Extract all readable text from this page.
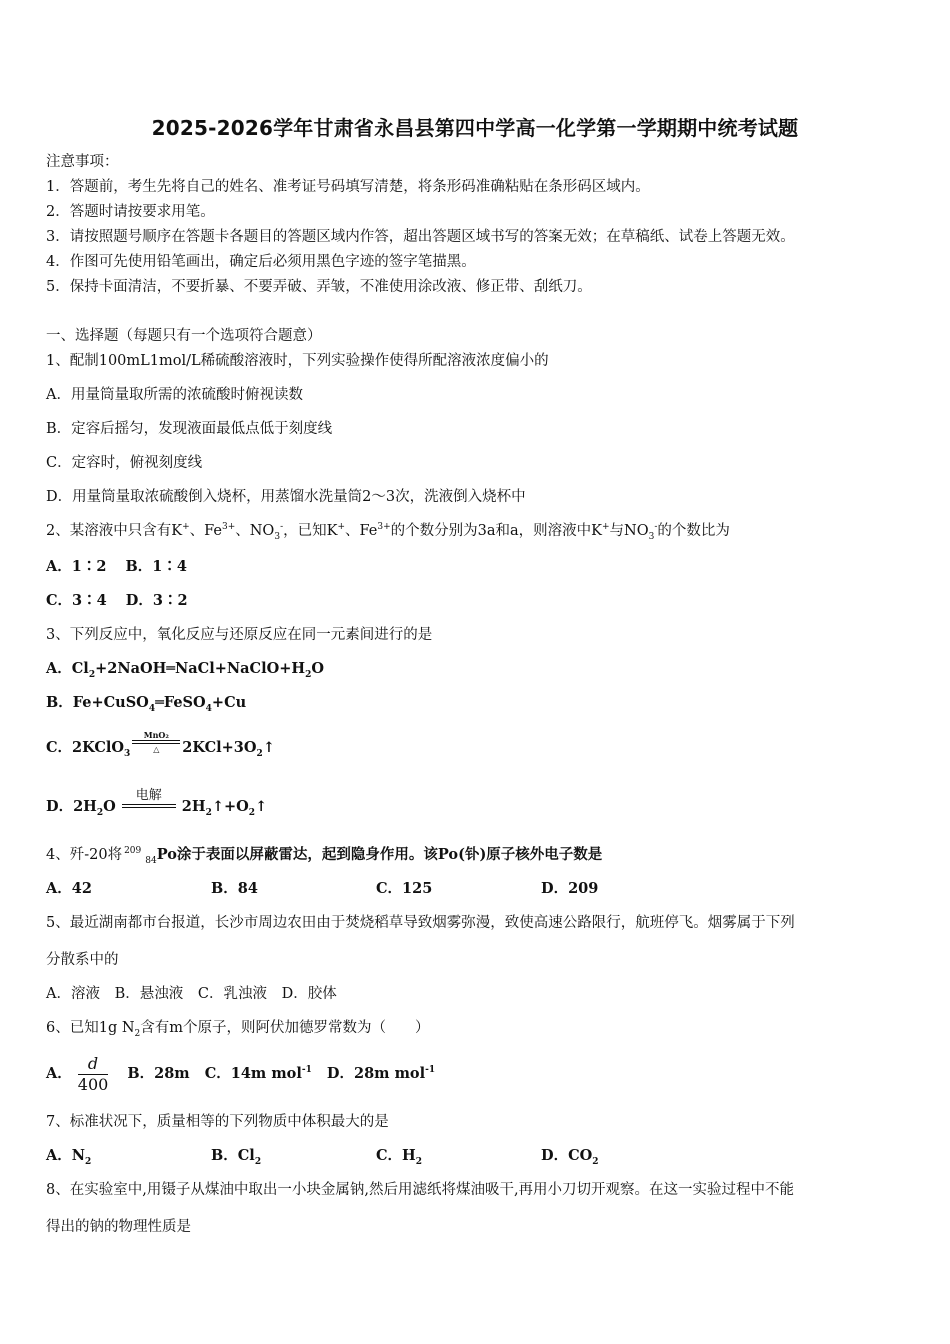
2025-2026学年甘肃省永昌县第四中学高一化学第一学期期中统考试题
注意事项：
1．答题前，考生先将自己的姓名、准考证号码填写清楚，将条形码准确粘贴在条形码区域内。
2．答题时请按要求用笔。
3．请按照题号顺序在答题卡各题目的答题区域内作答，超出答题区域书写的答案无效；在草稿纸、试卷上答题无效。
4．作图可先使用铅笔画出，确定后必须用黑色字迹的签字笔描黑。
5．保持卡面清洁，不要折暴、不要弄破、弄皱，不准使用涂改液、修正带、刮纸刀。
一、选择题（每题只有一个选项符合题意）
1、配制100mL1mol/L稀硫酸溶液时，下列实验操作使得所配溶液浓度偏小的
A．用量筒量取所需的浓硫酸时俯视读数
B．定容后摇匀，发现液面最低点低于刻度线
C．定容时，俯视刻度线
D．用量筒量取浓硫酸倒入烧杯，用蒸馏水洗量筒2～3次，洗液倒入烧杯中
2、某溶液中只含有K+、$Fe^{3+}$、$NO_3^-$，已知K+、$Fe^{3+}$的个数分别为3a和a，则溶液中K+与$NO_3^-$的个数比为
A．1∶2 B．1∶4
C．3∶4 D．3∶2
3、下列反应中，氧化反应与还原反应在同一元素间进行的是
A．$Cl_2+2NaOH═NaCl+NaClO+H_2O$
B．Fe+CuSO$_4$═FeSO$_4$+Cu
C．2KClO$_3$
MnO₂
△	$2KCl+3O_2↑$
D．$2H_2O$
电解
$2H_2↑+O_2↑$
4、歼-20将 $^{209}_{84}$Po涂于表面以屏蔽雷达，起到隐身作用。该Po(钋)原子核外电子数是
A．42	B．84	C．125	D．209
5、最近湖南都市台报道，长沙市周边农田由于焚烧稻草导致烟雾弥漫，致使高速公路限行，航班停飞。烟雾属于下列
分散系中的
A．溶液 B．悬浊液 C．乳浊液 D．胶体
6、已知1g $N_2$含有m个原子，则阿伏加德罗常数为（　　）
A． $\frac{d}{400}$ B．28m C．14m mol$^{-1}$ D．28m mol$^{-1}$
7、标准状况下，质量相等的下列物质中体积最大的是
A．$N_2$	B．$Cl_2$	C．$H_2$	D．$CO_2$
8、在实验室中,用镊子从煤油中取出一小块金属钠,然后用滤纸将煤油吸干,再用小刀切开观察。在这一实验过程中不能
得出的钠的物理性质是
